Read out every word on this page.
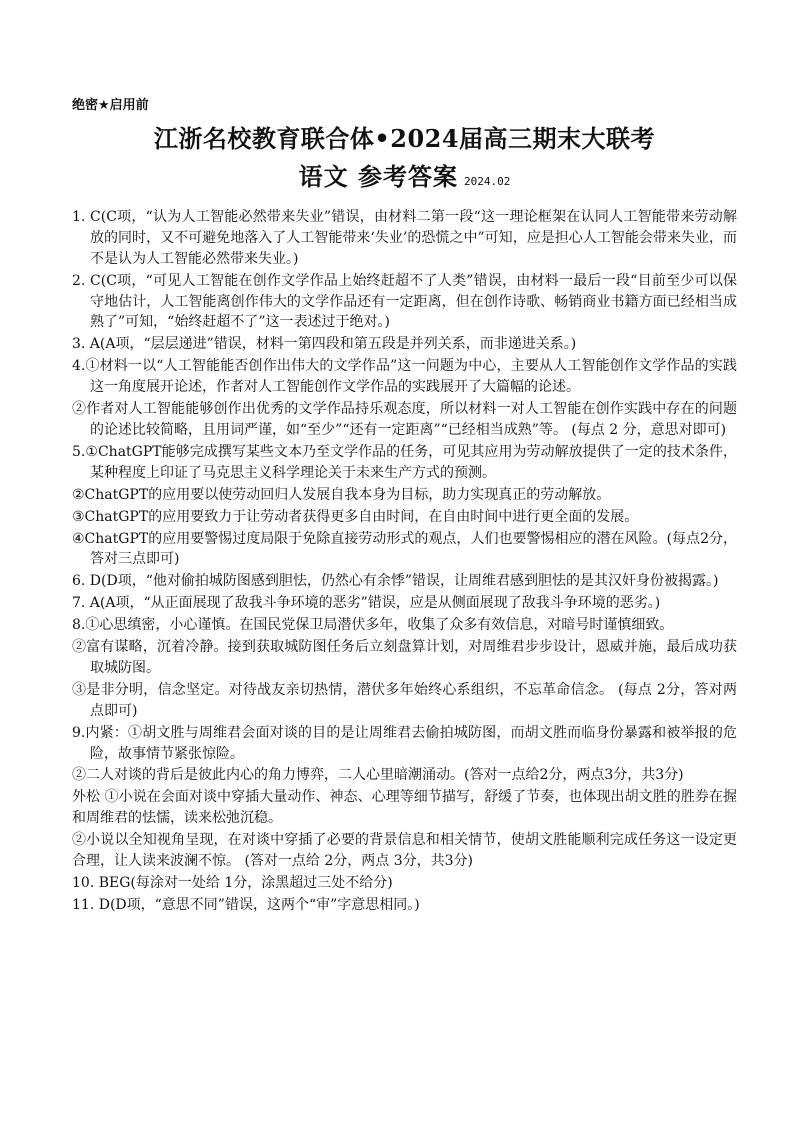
绝密★启用前
江浙名校教育联合体•2024届高三期末大联考
语文 参考答案 2024.02
1. C(C项，“认为人工智能必然带来失业”错误，由材料二第一段“这一理论框架在认同人工智能带来劳动解放的同时，又不可避免地落入了人工智能带来‘失业’的恐慌之中”可知，应是担心人工智能会带来失业，而不是认为人工智能必然带来失业。)
2. C(C项，“可见人工智能在创作文学作品上始终赶超不了人类”错误，由材料一最后一段“目前至少可以保守地估计，人工智能离创作伟大的文学作品还有一定距离，但在创作诗歌、畅销商业书籍方面已经相当成熟了”可知，“始终赶超不了”这一表述过于绝对。)
3. A(A项，“层层递进”错误，材料一第四段和第五段是并列关系，而非递进关系。)
4.①材料一以“人工智能能否创作出伟大的文学作品”这一问题为中心，主要从人工智能创作文学作品的实践这一角度展开论述，作者对人工智能创作文学作品的实践展开了大篇幅的论述。
②作者对人工智能能够创作出优秀的文学作品持乐观态度，所以材料一对人工智能在创作实践中存在的问题的论述比较简略，且用词严谨，如“至少”“还有一定距离”“已经相当成熟”等。 (每点 2 分，意思对即可)
5.①ChatGPT能够完成撰写某些文本乃至文学作品的任务，可见其应用为劳动解放提供了一定的技术条件，某种程度上印证了马克思主义科学理论关于未来生产方式的预测。
②ChatGPT的应用要以使劳动回归人发展自我本身为目标，助力实现真正的劳动解放。
③ChatGPT的应用要致力于让劳动者获得更多自由时间，在自由时间中进行更全面的发展。
④ChatGPT的应用要警惕过度局限于免除直接劳动形式的观点，人们也要警惕相应的潜在风险。(每点2分，答对三点即可)
6. D(D项，“他对偷拍城防图感到胆怯，仍然心有余悸”错误，让周维君感到胆怯的是其汉奸身份被揭露。)
7. A(A项，“从正面展现了敌我斗争环境的恶劣”错误，应是从侧面展现了敌我斗争环境的恶劣。)
8.①心思缜密，小心谨慎。在国民党保卫局潜伏多年，收集了众多有效信息，对暗号时谨慎细致。
②富有谋略，沉着冷静。接到获取城防图任务后立刻盘算计划，对周维君步步设计，恩威并施，最后成功获取城防图。
③是非分明，信念坚定。对待战友亲切热情，潜伏多年始终心系组织，不忘革命信念。 (每点 2分，答对两点即可)
9.内紧：①胡文胜与周维君会面对谈的目的是让周维君去偷拍城防图，而胡文胜而临身份暴露和被举报的危险，故事情节紧张惊险。
②二人对谈的背后是彼此内心的角力博弈，二人心里暗潮涌动。(答对一点给2分，两点3分，共3分)
外松 ①小说在会面对谈中穿插大量动作、神态、心理等细节描写，舒缓了节奏，也体现出胡文胜的胜券在握和周维君的怯懦，读来松弛沉稳。
②小说以全知视角呈现，在对谈中穿插了必要的背景信息和相关情节，使胡文胜能顺利完成任务这一设定更合理，让人读来波澜不惊。 (答对一点给 2分，两点 3分，共3分)
10. BEG(每涂对一处给 1分，涂黑超过三处不给分)
11. D(D项，“意思不同”错误，这两个“审”字意思相同。)
